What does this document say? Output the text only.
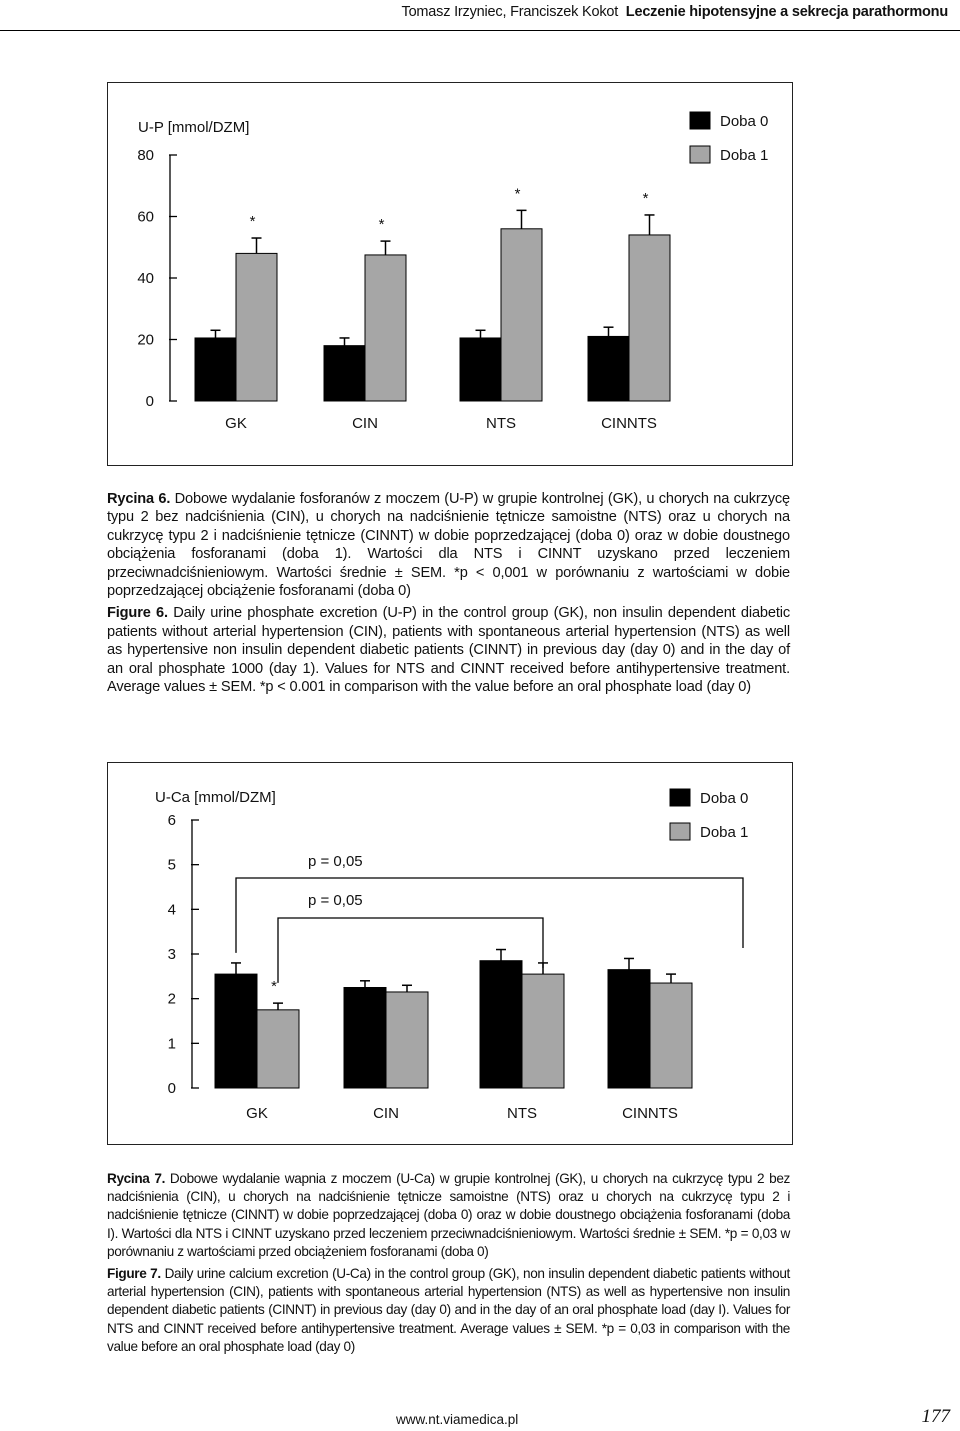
Tomasz Irzyniec, Franciszek Kokot Leczenie hipotensyjne a sekrecja parathormonu
0
20
40
60
80
U-P [mmol/DZM]
*
GK
*
CIN
*
NTS
*
CINNTS
Doba 0
Doba 1

Rycina 6. Dobowe wydalanie fosforanów z moczem (U-P) w grupie kontrolnej (GK), u chorych na cukrzycę typu 2 bez nadciśnienia (CIN), u chorych na nadciśnienie tętnicze samoistne (NTS) oraz u chorych na cukrzycę typu 2 i nadciśnienie tętnicze (CINNT) w dobie poprzedzającej (doba 0) oraz w dobie doustnego obciążenia fosforanami (doba 1). Wartości dla NTS i CINNT uzyskano przed leczeniem przeciwnadciśnieniowym. Wartości średnie ± SEM. *p < 0,001 w porównaniu z wartościami w dobie poprzedzającej obciążenie fosforanami (doba 0)

Figure 6. Daily urine phosphate excretion (U-P) in the control group (GK), non insulin dependent diabetic patients without arterial hypertension (CIN), patients with spontaneous arterial hypertension (NTS) as well as hypertensive non insulin dependent diabetic patients (CINNT) in previous day (day 0) and in the day of an oral phosphate 1000 (day 1). Values for NTS and CINNT received before antihypertensive treatment. Average values ± SEM. *p < 0.001 in comparison with the value before an oral phosphate load (day 0)

0
1
2
3
4
5
6
U-Ca [mmol/DZM]
*
GK	CIN	NTS	CINNTS
Doba 0
Doba 1
p = 0,05
p = 0,05

Rycina 7. Dobowe wydalanie wapnia z moczem (U-Ca) w grupie kontrolnej (GK), u chorych na cukrzycę typu 2 bez nadciśnienia (CIN), u chorych na nadciśnienie tętnicze samoistne (NTS) oraz u chorych na cukrzycę typu 2 i nadciśnienie tętnicze (CINNT) w dobie poprzedzającej (doba 0) oraz w dobie doustnego obciążenia fosforanami (doba I). Wartości dla NTS i CINNT uzyskano przed leczeniem przeciwnadciśnieniowym. Wartości średnie ± SEM. *p = 0,03 w porównaniu z wartościami przed obciążeniem fosforanami (doba 0)

Figure 7. Daily urine calcium excretion (U-Ca) in the control group (GK), non insulin dependent diabetic patients without arterial hypertension (CIN), patients with spontaneous arterial hypertension (NTS) as well as hypertensive non insulin dependent diabetic patients (CINNT) in previous day (day 0) and in the day of an oral phosphate load (day I). Values for NTS and CINNT received before antihypertensive treatment. Average values ± SEM. *p = 0,03 in comparison with the value before an oral phosphate load (day 0)

www.nt.viamedica.pl	177
